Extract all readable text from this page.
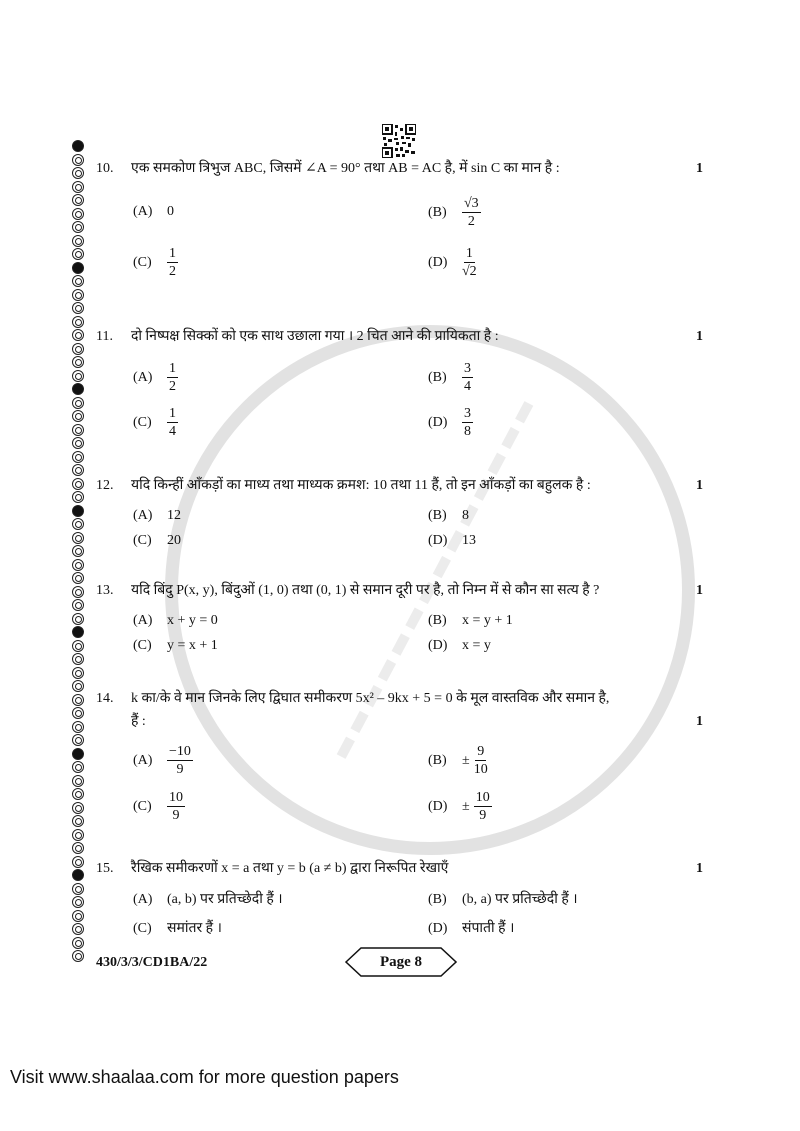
10. एक समकोण त्रिभुज ABC, जिसमें ∠A = 90° तथा AB = AC है, में sin C का मान है :	1
(A)	0	(B)	$\frac{√3}{2}$
(C)	$\frac{1}{2}$	(D)	$\frac{1}{√2}$
11. दो निष्पक्ष सिक्कों को एक साथ उछाला गया । 2 चित आने की प्रायिकता है :	1
(A)	$\frac{1}{2}$	(B)	$\frac{3}{4}$
(C)	$\frac{1}{4}$	(D)	$\frac{3}{8}$
12. यदि किन्हीं आँकड़ों का माध्य तथा माध्यक क्रमश: 10 तथा 11 हैं, तो इन आँकड़ों का बहुलक है :	1
(A)	12	(B)	8
(C)	20	(D)	13
13. यदि बिंदु P(x, y), बिंदुओं (1, 0) तथा (0, 1) से समान दूरी पर है, तो निम्न में से कौन सा सत्य है ?	1
(A)	x + y = 0	(B)	x = y + 1
(C)	y = x + 1	(D)	x = y
14. k का/के वे मान जिनके लिए द्विघात समीकरण 5x² – 9kx + 5 = 0 के मूल वास्तविक और समान है,
हैं :	1
(A)	$\frac{-10}{9}$	(B)	± $\frac{9}{10}$
(C)	$\frac{10}{9}$	(D)	± $\frac{10}{9}$
15. रैखिक समीकरणों x = a तथा y = b (a ≠ b) द्वारा निरूपित रेखाएँ	1
(A)	(a, b) पर प्रतिच्छेदी हैं ।	(B)	(b, a) पर प्रतिच्छेदी हैं ।
(C)	समांतर हैं ।	(D)	संपाती हैं ।
430/3/3/CD1BA/22	Page 8
Visit www.shaalaa.com for more question papers
